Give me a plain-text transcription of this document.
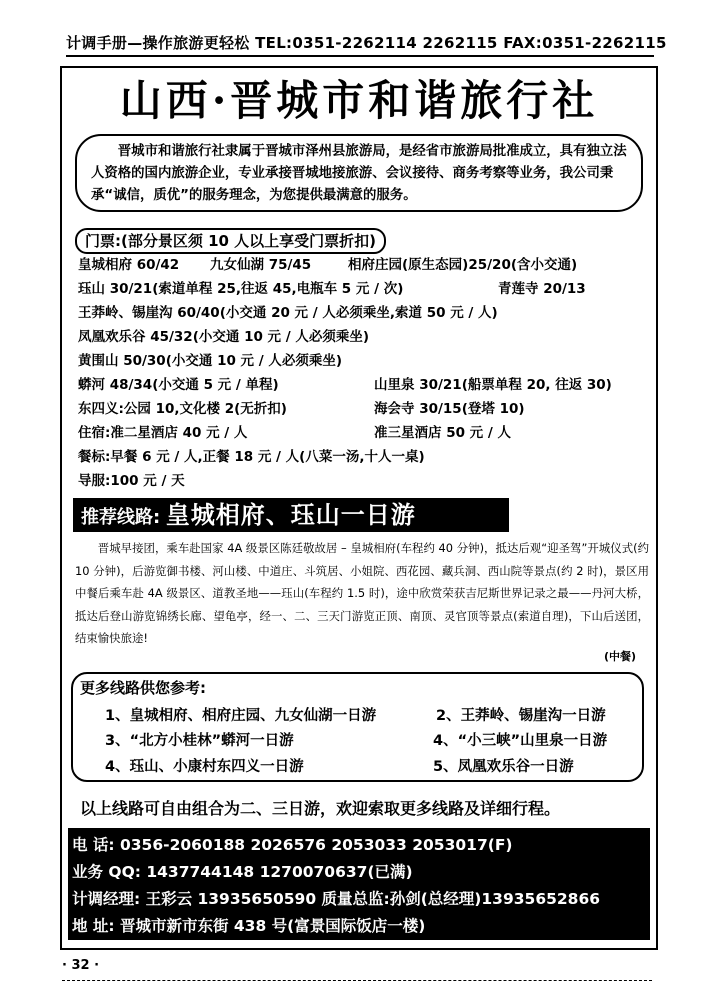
计调手册—操作旅游更轻松 TEL:0351-2262114 2262115 FAX:0351-2262115
山西·晋城市和谐旅行社
晋城市和谐旅行社隶属于晋城市泽州县旅游局，是经省市旅游局批准成立，具有独立法人资格的国内旅游企业，专业承接晋城地接旅游、会议接待、商务考察等业务，我公司秉承“诚信，质优”的服务理念，为您提供最满意的服务。
门票:(部分景区须 10 人以上享受门票折扣)
皇城相府 60/42 九女仙湖 75/45	相府庄园(原生态园)25/20(含小交通)
珏山 30/21(索道单程 25,往返 45,电瓶车 5 元 / 次)	青莲寺 20/13
王莽岭、锡崖沟 60/40(小交通 20 元 / 人必须乘坐,索道 50 元 / 人)
凤凰欢乐谷 45/32(小交通 10 元 / 人必须乘坐)
黄围山 50/30(小交通 10 元 / 人必须乘坐)
蟒河 48/34(小交通 5 元 / 单程)	山里泉 30/21(船票单程 20, 往返 30)
东四义:公园 10,文化楼 2(无折扣)	海会寺 30/15(登塔 10)
住宿:准二星酒店 40 元 / 人	准三星酒店 50 元 / 人
餐标:早餐 6 元 / 人,正餐 18 元 / 人(八菜一汤,十人一桌)
导服:100 元 / 天
推荐线路: 皇城相府、珏山一日游
晋城早接团，乘车赴国家 4A 级景区陈廷敬故居 – 皇城相府(车程约 40 分钟)，抵达后观“迎圣驾”开城仪式(约 10 分钟)，后游览御书楼、河山楼、中道庄、斗筑居、小姐院、西花园、藏兵洞、西山院等景点(约 2 时)，景区用中餐后乘车赴 4A 级景区、道教圣地——珏山(车程约 1.5 时)，途中欣赏荣获吉尼斯世界记录之最——丹河大桥，抵达后登山游览锦绣长廊、望龟亭，经一、二、三天门游览正顶、南顶、灵官顶等景点(索道自理)，下山后送团，结束愉快旅途!
(中餐)
更多线路供您参考:
1、皇城相府、相府庄园、九女仙湖一日游	2、王莽岭、锡崖沟一日游
3、“北方小桂林”蟒河一日游	4、“小三峡”山里泉一日游
4、珏山、小康村东四义一日游	5、凤凰欢乐谷一日游
以上线路可自由组合为二、三日游，欢迎索取更多线路及详细行程。
电 话: 0356-2060188 2026576 2053033 2053017(F)
业务 QQ: 1437744148 1270070637(已满)
计调经理: 王彩云 13935650590 质量总监:孙剑(总经理)13935652866
地 址: 晋城市新市东街 438 号(富景国际饭店一楼)
· 32 ·
